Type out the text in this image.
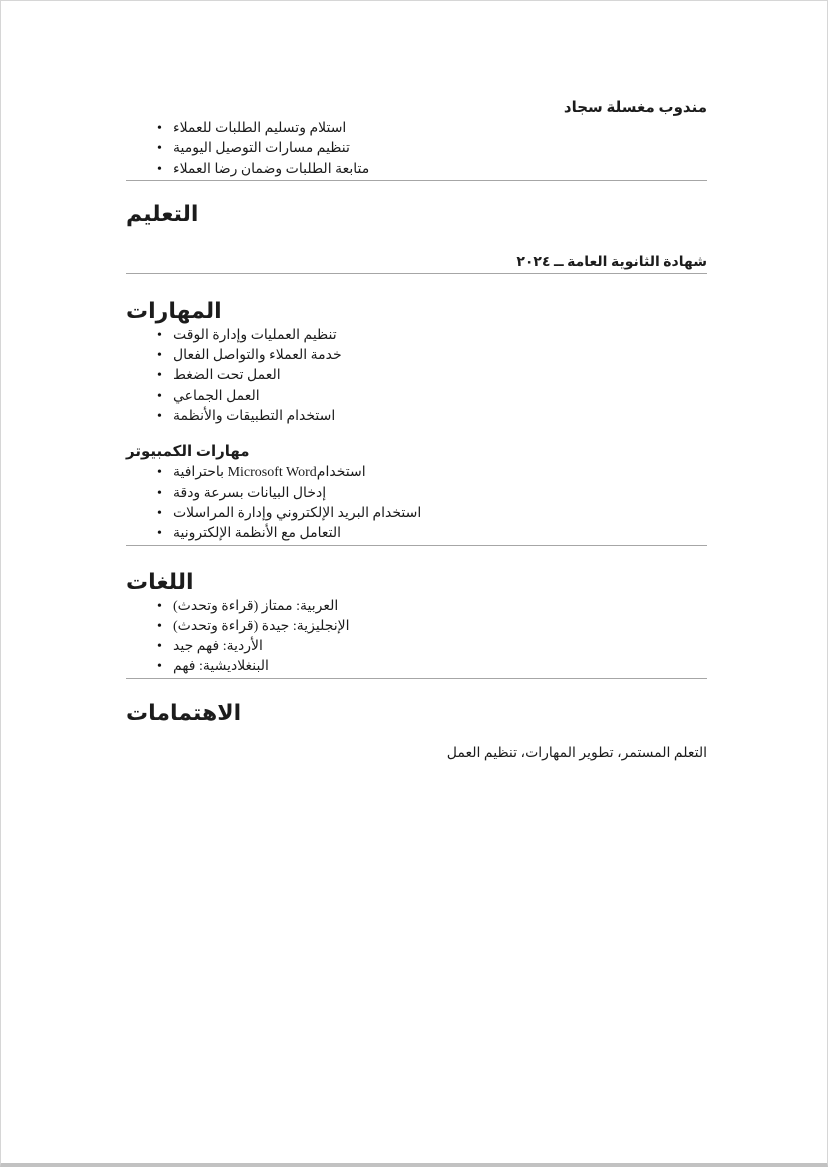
مندوب مغسلة سجاد
• استلام وتسليم الطلبات للعملاء
• تنظيم مسارات التوصيل اليومية
• متابعة الطلبات وضمان رضا العملاء
التعليم

شهادة الثانوية العامة ــ ٢٠٢٤

المهارات
• تنظيم العمليات وإدارة الوقت
• خدمة العملاء والتواصل الفعال
• العمل تحت الضغط
• العمل الجماعي
• استخدام التطبيقات والأنظمة
مهارات الكمبيوتر
• استخدامMicrosoft Word باحترافية
• إدخال البيانات بسرعة ودقة
• استخدام البريد الإلكتروني وإدارة المراسلات
• التعامل مع الأنظمة الإلكترونية
اللغات
• العربية: ممتاز (قراءة وتحدث)
• الإنجليزية: جيدة (قراءة وتحدث)
• الأردية: فهم جيد
• البنغلاديشية: فهم
الاهتمامات

التعلم المستمر، تطوير المهارات، تنظيم العمل
